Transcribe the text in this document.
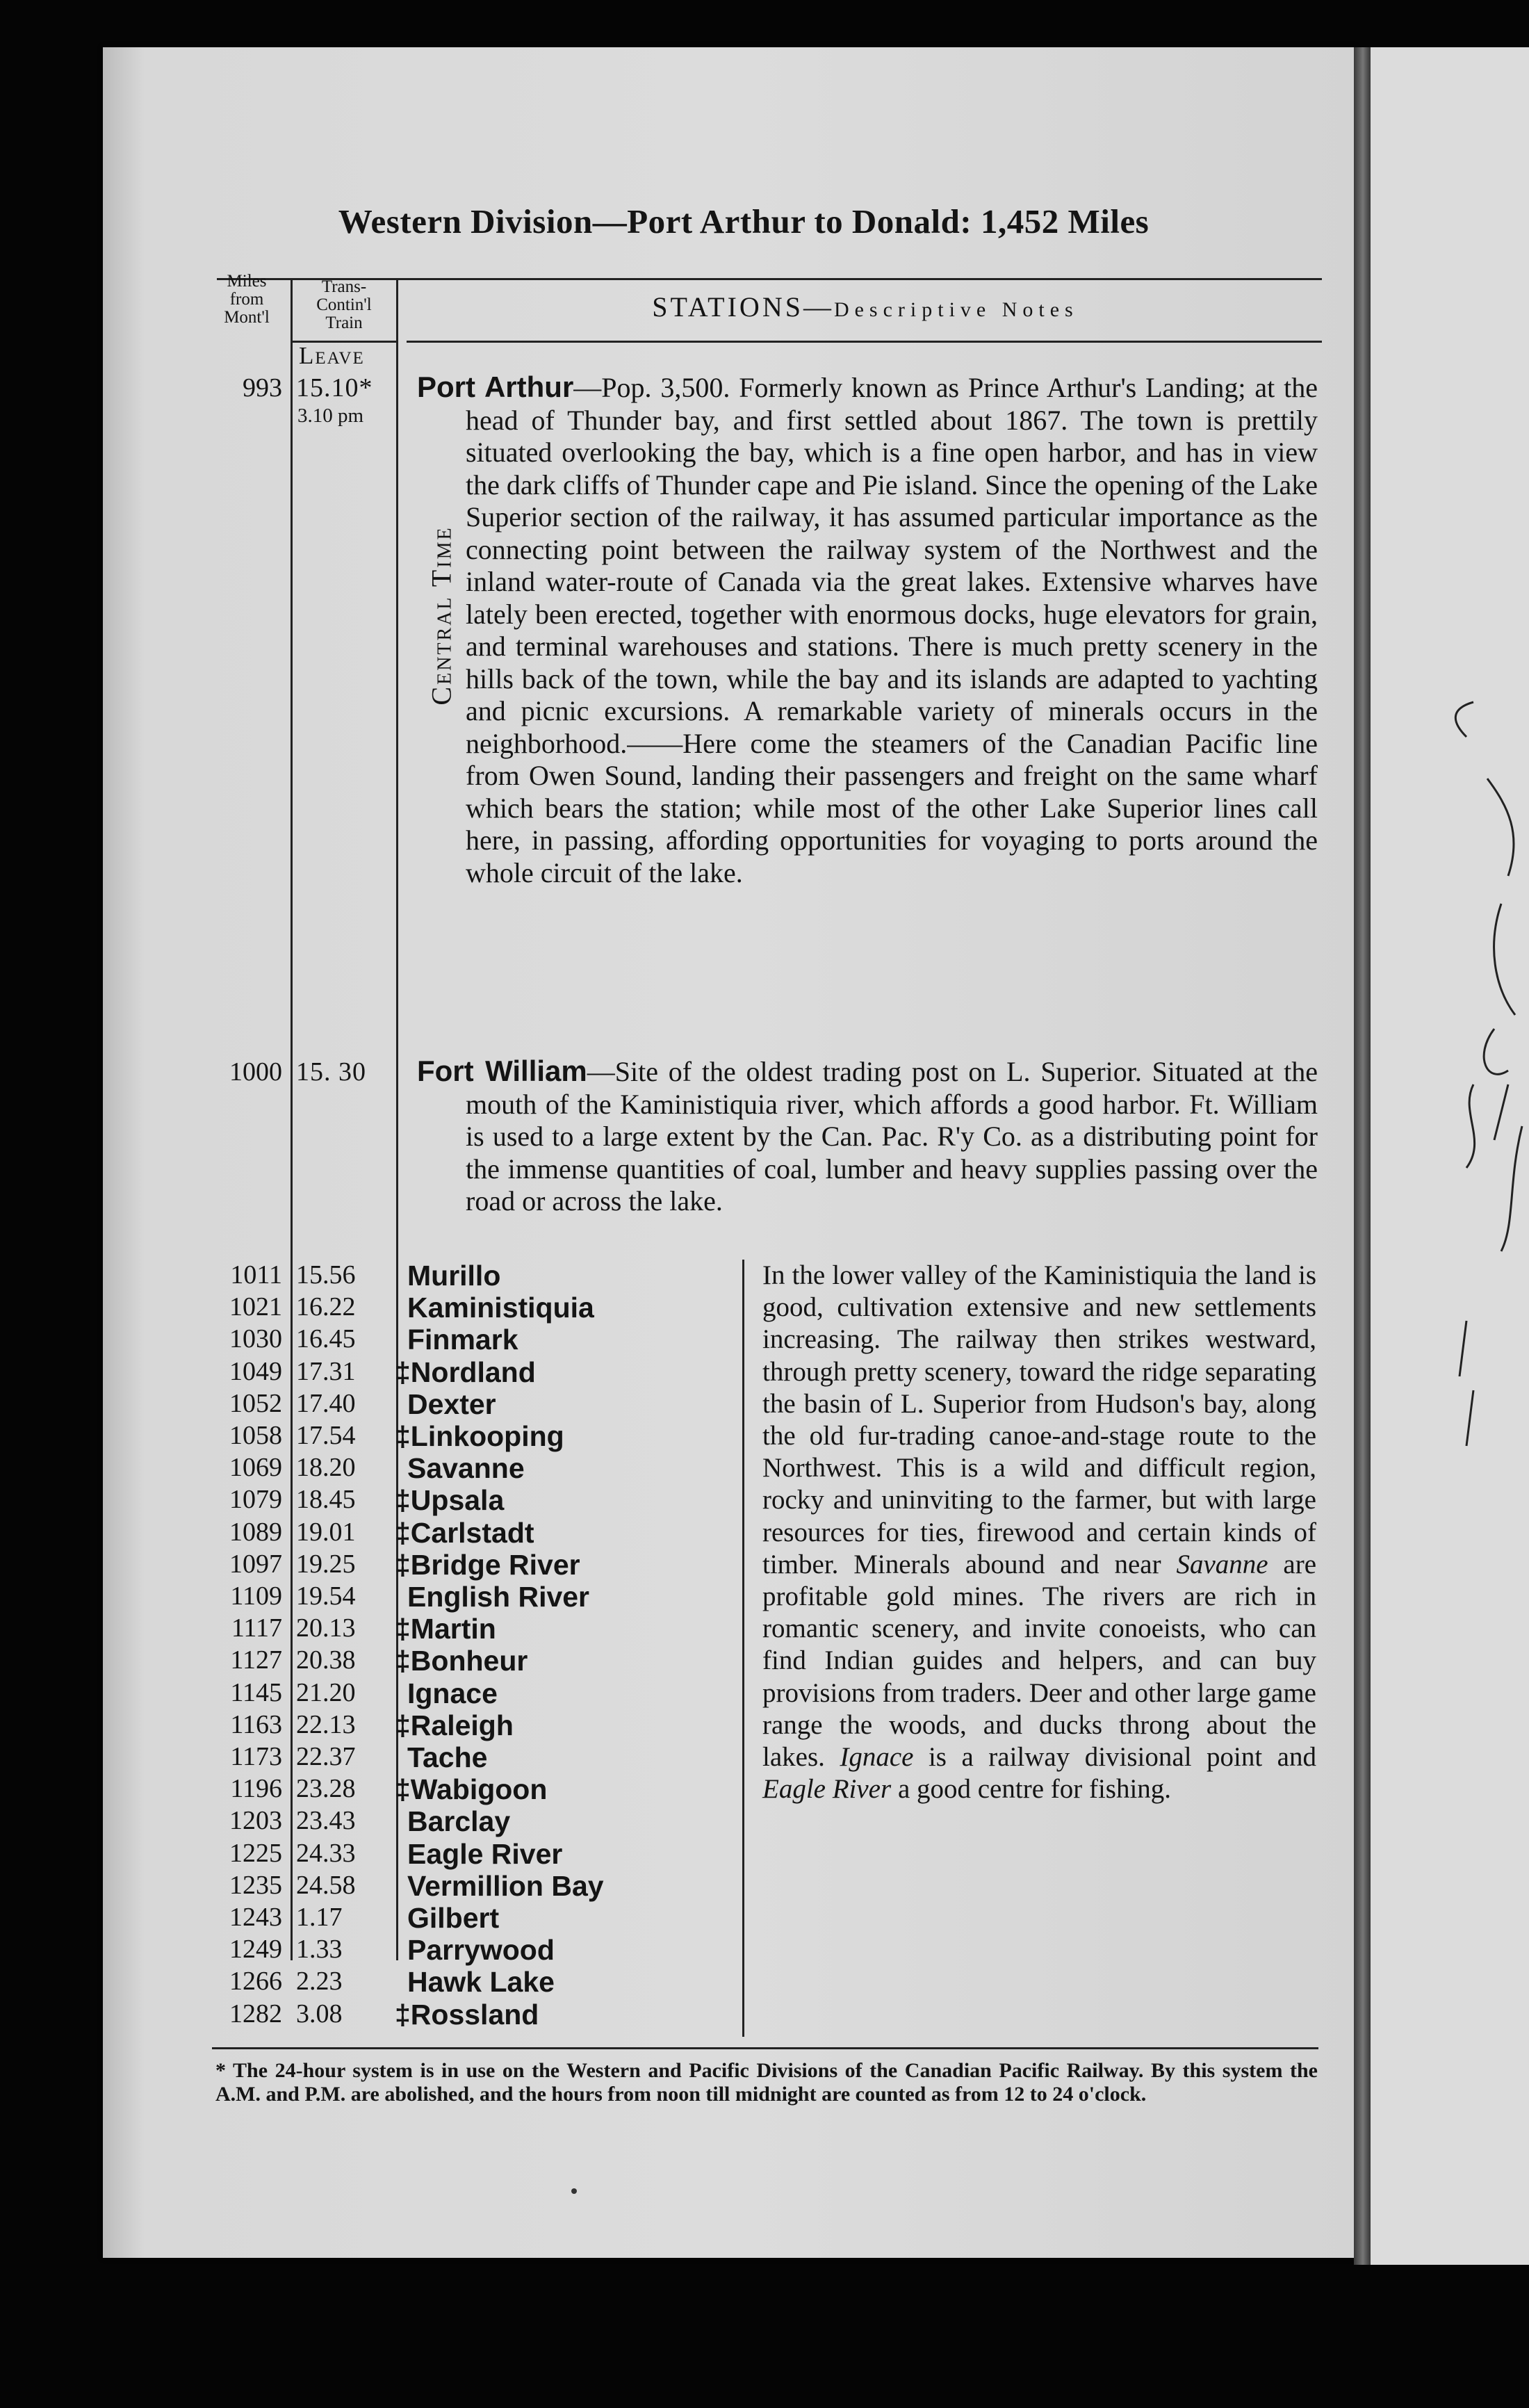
Western Division—Port Arthur to Donald: 1,452 Miles
Miles
from
Mont'l
Trans-
Contin'l
Train
STATIONS—Descriptive Notes
Leave
Central Time
993 15.10*
3.10 pm
Port Arthur—Pop. 3,500. Formerly known as Prince Arthur's Landing; at the head of Thunder bay, and first settled about 1867. The town is prettily situated overlooking the bay, which is a fine open harbor, and has in view the dark cliffs of Thunder cape and Pie island. Since the opening of the Lake Superior section of the railway, it has assumed particular importance as the connecting point between the railway system of the Northwest and the inland water-route of Canada via the great lakes. Extensive wharves have lately been erected, together with enormous docks, huge elevators for grain, and terminal warehouses and stations. There is much pretty scenery in the hills back of the town, while the bay and its islands are adapted to yachting and picnic excursions. A remarkable variety of minerals occurs in the neighborhood.——Here come the steamers of the Canadian Pacific line from Owen Sound, landing their passengers and freight on the same wharf which bears the station; while most of the other Lake Superior lines call here, in passing, affording opportunities for voyaging to ports around the whole circuit of the lake.
1000 15. 30 Fort William—Site of the oldest trading post on L. Superior. Situated at the mouth of the Kaministiquia river, which affords a good harbor. Ft. William is used to a large extent by the Can. Pac. R'y Co. as a distributing point for the immense quantities of coal, lumber and heavy supplies passing over the road or across the lake.
1011 15.56 Murillo
1021 16.22 Kaministiquia
1030 16.45 Finmark
1049 17.31 ‡Nordland
1052 17.40 Dexter
1058 17.54 ‡Linkooping
1069 18.20 Savanne
1079 18.45 ‡Upsala
1089 19.01 ‡Carlstadt
1097 19.25 ‡Bridge River
1109 19.54 English River
1117 20.13 ‡Martin
1127 20.38 ‡Bonheur
1145 21.20 Ignace
1163 22.13 ‡Raleigh
1173 22.37 Tache
1196 23.28 ‡Wabigoon
1203 23.43 Barclay
1225 24.33 Eagle River
1235 24.58 Vermillion Bay
1243 1.17 Gilbert
1249 1.33 Parrywood
1266 2.23 Hawk Lake
1282 3.08 ‡Rossland
In the lower valley of the Kaministiquia the land is good, cultivation extensive and new settlements increasing. The railway then strikes westward, through pretty scenery, toward the ridge separating the basin of L. Superior from Hudson's bay, along the old fur-trading canoe-and-stage route to the Northwest. This is a wild and difficult region, rocky and uninviting to the farmer, but with large resources for ties, firewood and certain kinds of timber. Minerals abound and near Savanne are profitable gold mines. The rivers are rich in romantic scenery, and invite conoeists, who can find Indian guides and helpers, and can buy provisions from traders. Deer and other large game range the woods, and ducks throng about the lakes. Ignace is a railway divisional point and Eagle River a good centre for fishing.
* The 24-hour system is in use on the Western and Pacific Divisions of the Canadian Pacific Railway. By this system the A.M. and P.M. are abolished, and the hours from noon till midnight are counted as from 12 to 24 o'clock.
